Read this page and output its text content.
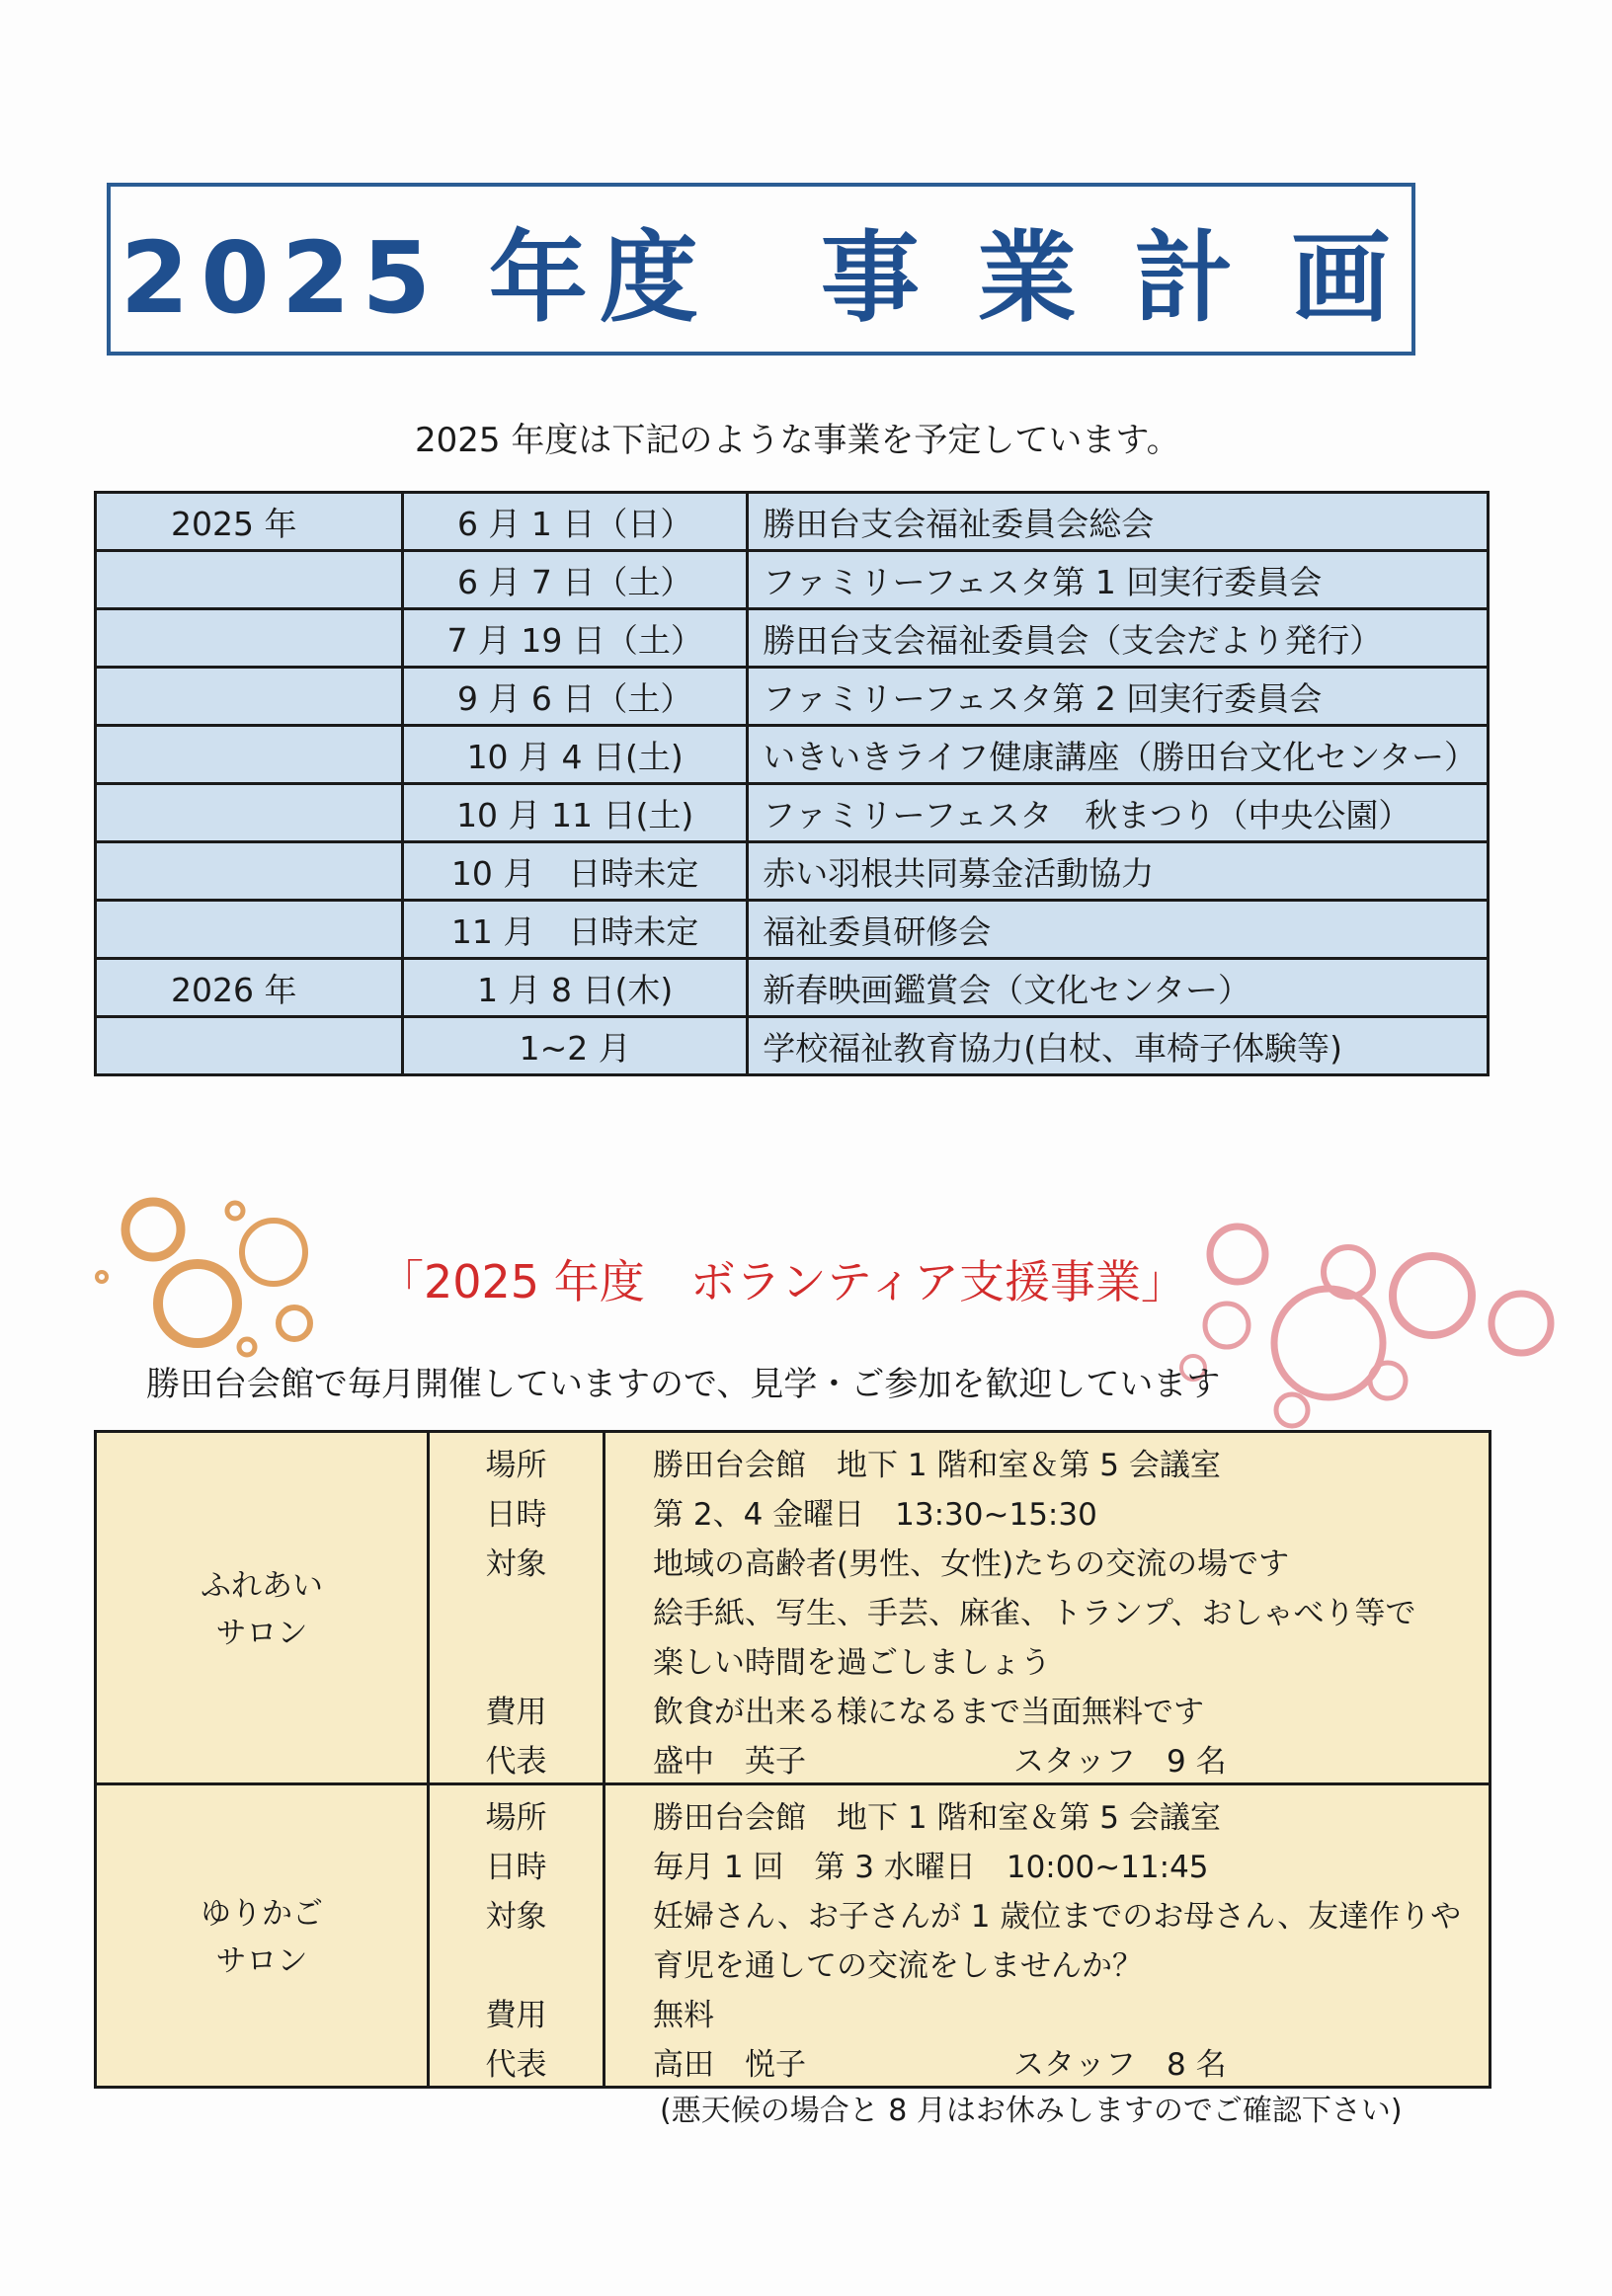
2025 年度　事 業 計 画
2025 年度は下記のような事業を予定しています。
2025 年	6 月 1 日（日）	勝田台支会福祉委員会総会
	6 月 7 日（土）	ファミリーフェスタ第 1 回実行委員会
	7 月 19 日（土）	勝田台支会福祉委員会（支会だより発行）
	9 月 6 日（土）	ファミリーフェスタ第 2 回実行委員会
	10 月 4 日(土)	いきいきライフ健康講座（勝田台文化センター）
	10 月 11 日(土)	ファミリーフェスタ　秋まつり（中央公園）
	10 月　日時未定	赤い羽根共同募金活動協力
	11 月　日時未定	福祉委員研修会
2026 年	1 月 8 日(木)	新春映画鑑賞会（文化センター）
	1~2 月	学校福祉教育協力(白杖、車椅子体験等)
「2025 年度　ボランティア支援事業」
勝田台会館で毎月開催していますので、見学・ご参加を歓迎しています
ふれあい
サロン	場所	勝田台会館　地下 1 階和室＆第 5 会議室
	日時	第 2、4 金曜日　13:30~15:30
	対象	地域の高齢者(男性、女性)たちの交流の場です
		絵手紙、写生、手芸、麻雀、トランプ、おしゃべり等で
		楽しい時間を過ごしましょう
	費用	飲食が出来る様になるまで当面無料です
	代表	盛中　英子 スタッフ　9 名

ゆりかご
サロン	場所	勝田台会館　地下 1 階和室＆第 5 会議室
	日時	毎月 1 回　第 3 水曜日　10:00~11:45
	対象	妊婦さん、お子さんが 1 歳位までのお母さん、友達作りや
		育児を通しての交流をしませんか？
	費用	無料
	代表	高田　悦子 スタッフ　8 名
(悪天候の場合と 8 月はお休みしますのでご確認下さい)
